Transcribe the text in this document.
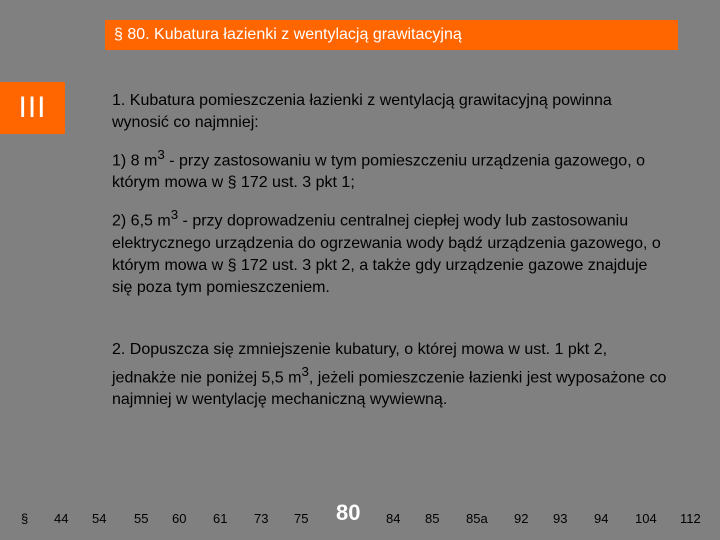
§ 80. Kubatura łazienki z wentylacją grawitacyjną
III	1. Kubatura pomieszczenia łazienki z wentylacją grawitacyjną powinna wynosić co najmniej:

1) 8 $m^3$ - przy zastosowaniu w tym pomieszczeniu urządzenia gazowego, o którym mowa w § 172 ust. 3 pkt 1;

2) 6,5 $m^3$ - przy doprowadzeniu centralnej ciepłej wody lub zastosowaniu elektrycznego urządzenia do ogrzewania wody bądź urządzenia gazowego, o którym mowa w § 172 ust. 3 pkt 2, a także gdy urządzenie gazowe znajduje się poza tym pomieszczeniem.

2. Dopuszcza się zmniejszenie kubatury, o której mowa w ust. 1 pkt 2, jednakże nie poniżej 5,5 $m^3$, jeżeli pomieszczenie łazienki jest wyposażone co najmniej w wentylację mechaniczną wywiewną.

§ 44 54 55 60 61 73 75 80 84 85 85a 92 93 94 104 112
